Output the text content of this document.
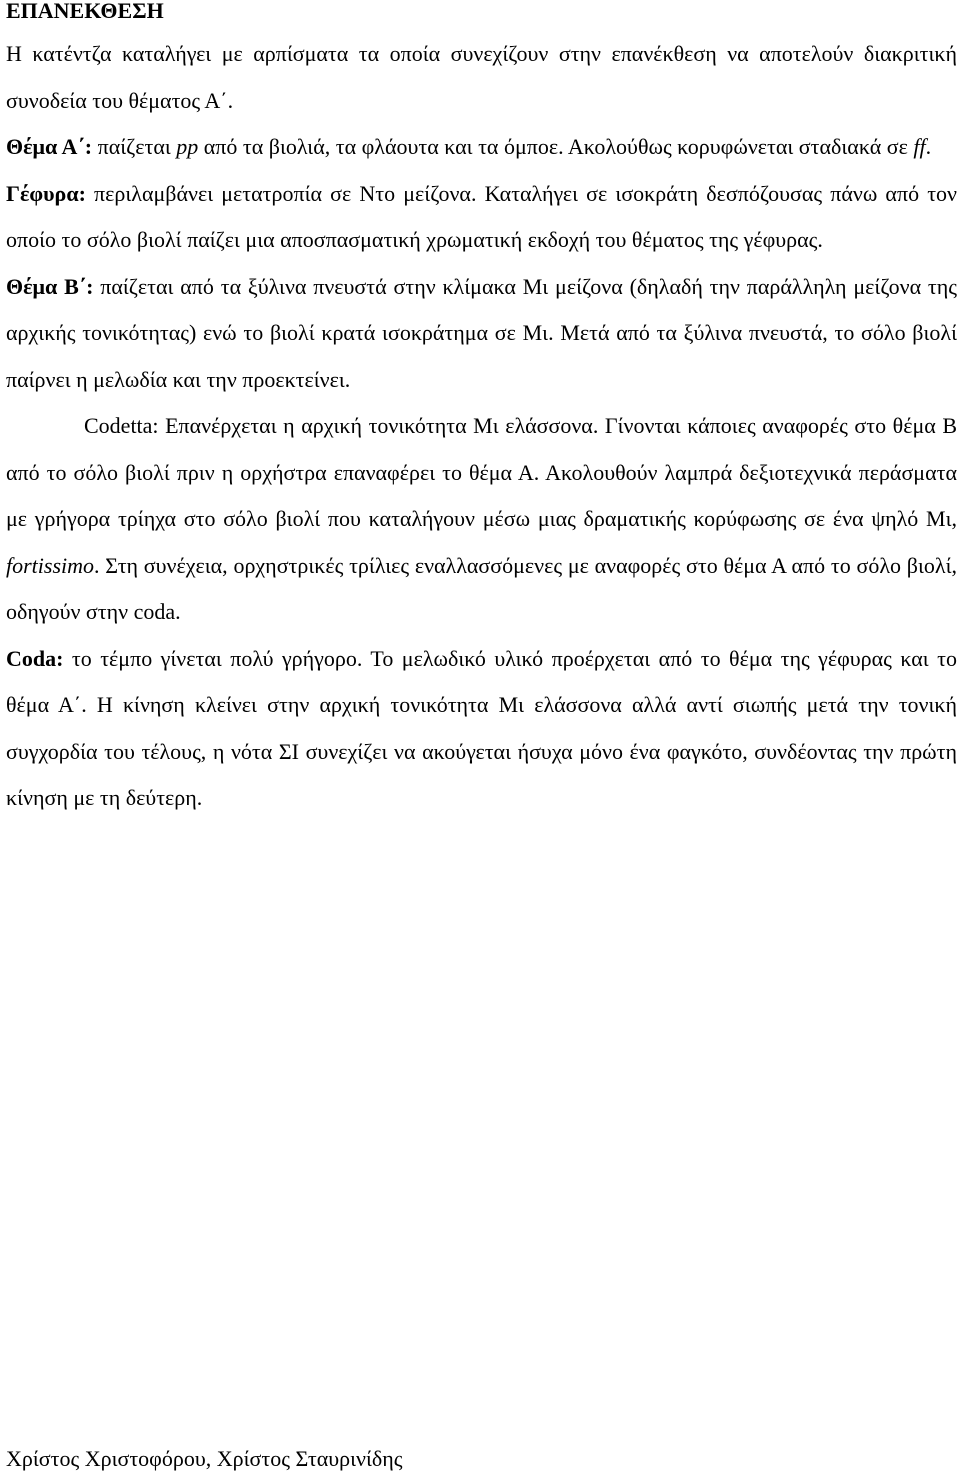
ΕΠΑΝΕΚΘΕΣΗ

Η κατέντζα καταλήγει με αρπίσματα τα οποία συνεχίζουν στην επανέκθεση να αποτελούν διακριτική συνοδεία του θέματος Α΄.

Θέμα Α΄: παίζεται pp από τα βιολιά, τα φλάουτα και τα όμποε. Ακολούθως κορυφώνεται σταδιακά σε ff.

Γέφυρα: περιλαμβάνει μετατροπία σε Ντο μείζονα. Καταλήγει σε ισοκράτη δεσπόζουσας πάνω από τον οποίο το σόλο βιολί παίζει μια αποσπασματική χρωματική εκδοχή του θέματος της γέφυρας.

Θέμα Β΄: παίζεται από τα ξύλινα πνευστά στην κλίμακα Μι μείζονα (δηλαδή την παράλληλη μείζονα της αρχικής τονικότητας) ενώ το βιολί κρατά ισοκράτημα σε Μι. Μετά από τα ξύλινα πνευστά, το σόλο βιολί παίρνει η μελωδία και την προεκτείνει.

Codetta: Επανέρχεται η αρχική τονικότητα Μι ελάσσονα. Γίνονται κάποιες αναφορές στο θέμα Β από το σόλο βιολί πριν η ορχήστρα επαναφέρει το θέμα Α. Ακολουθούν λαμπρά δεξιοτεχνικά περάσματα με γρήγορα τρίηχα στο σόλο βιολί που καταλήγουν μέσω μιας δραματικής κορύφωσης σε ένα ψηλό Μι, fortissimo. Στη συνέχεια, ορχηστρικές τρίλιες εναλλασσόμενες με αναφορές στο θέμα Α από το σόλο βιολί, οδηγούν στην coda.

Coda: το τέμπο γίνεται πολύ γρήγορο. Το μελωδικό υλικό προέρχεται από το θέμα της γέφυρας και το θέμα Α΄. Η κίνηση κλείνει στην αρχική τονικότητα Μι ελάσσονα αλλά αντί σιωπής μετά την τονική συγχορδία του τέλους, η νότα ΣΙ συνεχίζει να ακούγεται ήσυχα μόνο ένα φαγκότο, συνδέοντας την πρώτη κίνηση με τη δεύτερη.

Χρίστος Χριστοφόρου, Χρίστος Σταυρινίδης
